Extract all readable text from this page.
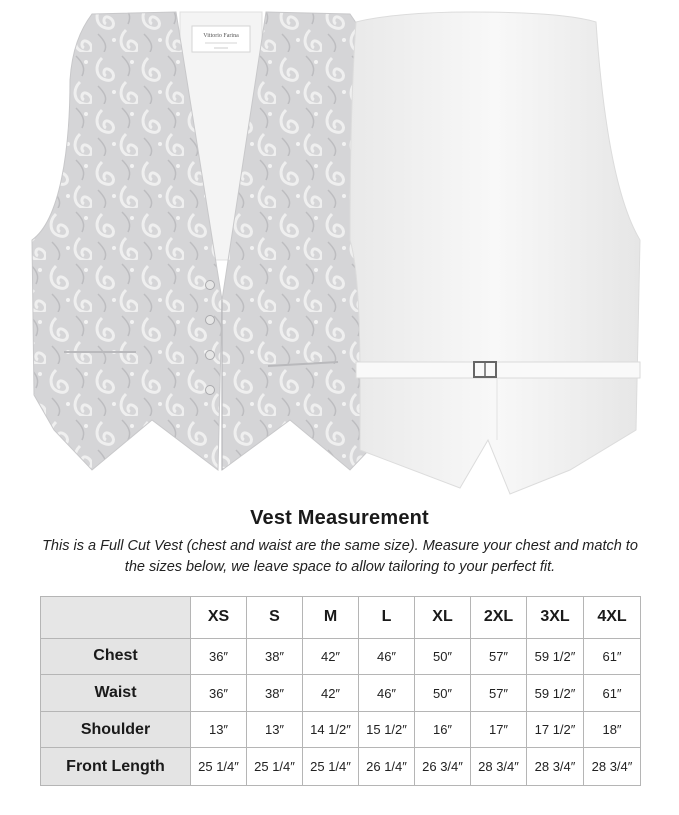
Vittorio Farina
Vest Measurement
This is a Full Cut Vest (chest and waist are the same size). Measure your chest and match to the sizes below, we leave space to allow tailoring to your perfect fit.
	XS	S	M	L	XL	2XL	3XL	4XL
Chest	36″	38″	42″	46″	50″	57″	59 1/2″	61″
Waist	36″	38″	42″	46″	50″	57″	59 1/2″	61″
Shoulder	13″	13″	14 1/2″	15 1/2″	16″	17″	17 1/2″	18″
Front Length	25 1/4″	25 1/4″	25 1/4″	26 1/4″	26 3/4″	28 3/4″	28 3/4″	28 3/4″
